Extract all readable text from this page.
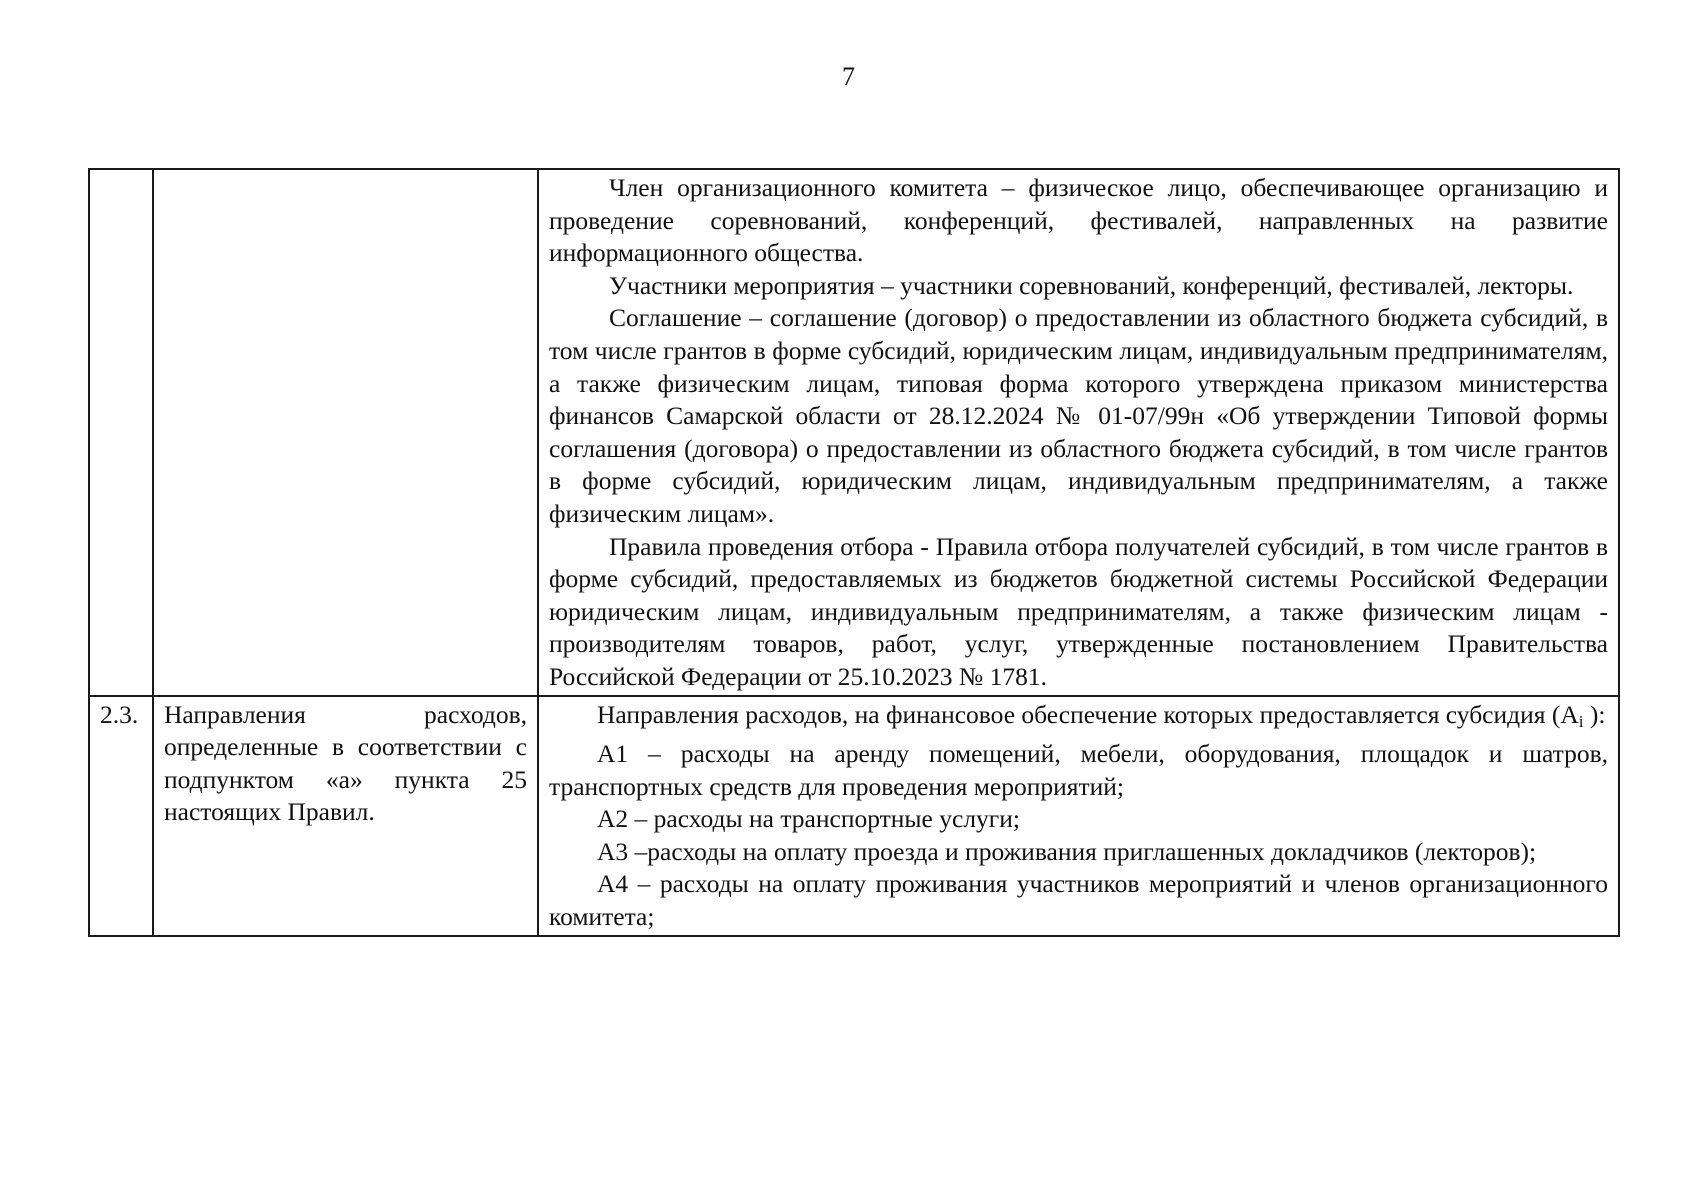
7

		Член организационного комитета – физическое лицо, обеспечивающее организацию и проведение соревнований, конференций, фестивалей, направленных на развитие информационного общества.

Участники мероприятия – участники соревнований, конференций, фестивалей, лекторы.

Соглашение – соглашение (договор) о предоставлении из областного бюджета субсидий, в том числе грантов в форме субсидий, юридическим лицам, индивидуальным предпринимателям, а также физическим лицам, типовая форма которого утверждена приказом министерства финансов Самарской области от 28.12.2024 № 01-07/99н «Об утверждении Типовой формы соглашения (договора) о предоставлении из областного бюджета субсидий, в том числе грантов в форме субсидий, юридическим лицам, индивидуальным предпринимателям, а также физическим лицам».

Правила проведения отбора - Правила отбора получателей субсидий, в том числе грантов в форме субсидий, предоставляемых из бюджетов бюджетной системы Российской Федерации юридическим лицам, индивидуальным предпринимателям, а также физическим лицам - производителям товаров, работ, услуг, утвержденные постановлением Правительства Российской Федерации от 25.10.2023 № 1781.

2.3.	Направления расходов, определенные в соответствии с подпунктом «а» пункта 25 настоящих Правил.	Направления расходов, на финансовое обеспечение которых предоставляется субсидия ($A_i$ ):

А1 – расходы на аренду помещений, мебели, оборудования, площадок и шатров, транспортных средств для проведения мероприятий;

А2 – расходы на транспортные услуги;

А3 –расходы на оплату проезда и проживания приглашенных докладчиков (лекторов);

А4 – расходы на оплату проживания участников мероприятий и членов организационного комитета;
